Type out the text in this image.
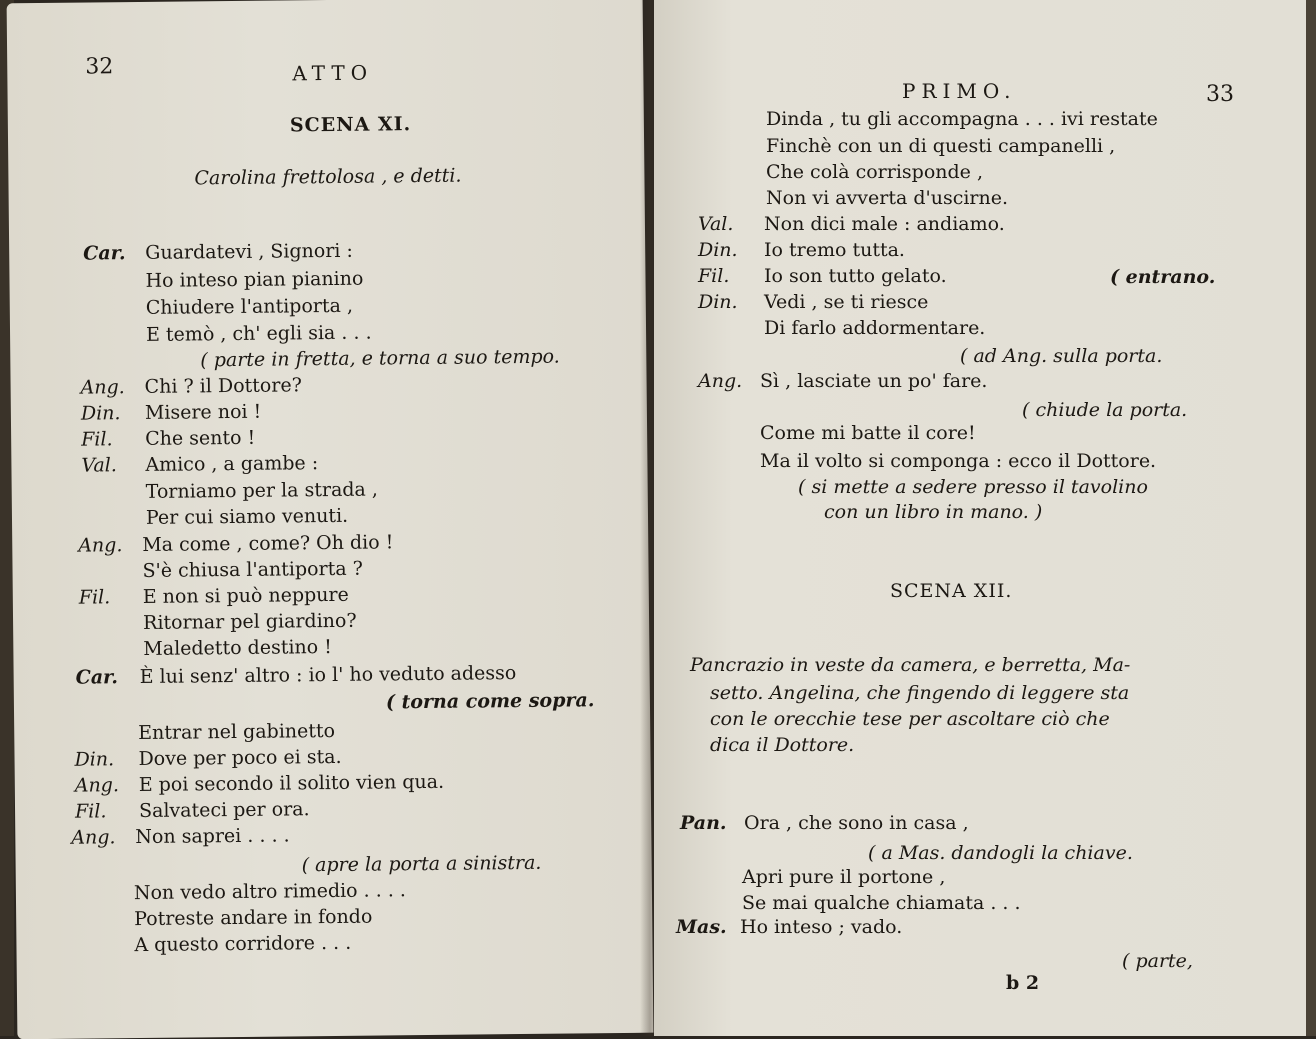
32	ATTO
SCENA XI.
Carolina frettolosa , e detti.
Car. Guardatevi , Signori :
Ho inteso pian pianino
Chiudere l'antiporta ,
E temò , ch' egli sia . . .
( parte in fretta, e torna a suo tempo.
Ang. Chi ? il Dottore?
Din. Misere noi !
Fil. Che sento !
Val. Amico , a gambe :
Torniamo per la strada ,
Per cui siamo venuti.
Ang. Ma come , come? Oh dio !
S'è chiusa l'antiporta ?
Fil. E non si può neppure
Ritornar pel giardino?
Maledetto destino !
Car. È lui senz' altro : io l' ho veduto adesso
( torna come sopra.
Entrar nel gabinetto
Din. Dove per poco ei sta.
Ang. E poi secondo il solito vien qua.
Fil. Salvateci per ora.
Ang. Non saprei . . . .
( apre la porta a sinistra.
Non vedo altro rimedio . . . .
Potreste andare in fondo
A questo corridore . . .
PRIMO.	33
Dinda , tu gli accompagna . . . ivi restate
Finchè con un di questi campanelli ,
Che colà corrisponde ,
Non vi avverta d'uscirne.
Val. Non dici male : andiamo.
Din. Io tremo tutta.
Fil. Io son tutto gelato.	( entrano.
Din. Vedi , se ti riesce
Di farlo addormentare.
( ad Ang. sulla porta.
Ang. Sì , lasciate un po' fare.
( chiude la porta.
Come mi batte il core!
Ma il volto si componga : ecco il Dottore.
( si mette a sedere presso il tavolino
con un libro in mano. )
SCENA XII.
Pancrazio in veste da camera, e berretta, Ma-
setto. Angelina, che fingendo di leggere sta
con le orecchie tese per ascoltare ciò che
dica il Dottore.
Pan. Ora , che sono in casa ,
( a Mas. dandogli la chiave.
Apri pure il portone ,
Se mai qualche chiamata . . .
Mas. Ho inteso ; vado.
( parte,
b 2
